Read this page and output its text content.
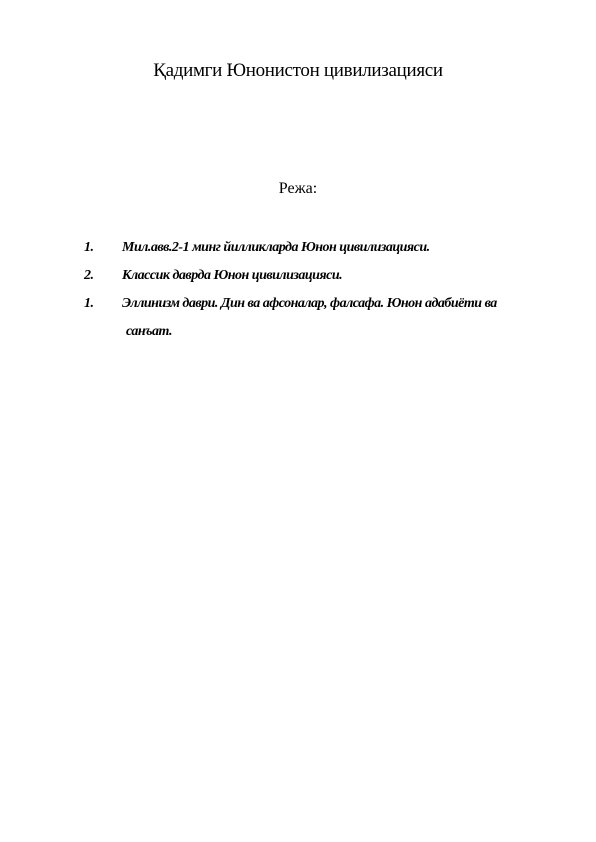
Қадимги Юнонистон цивилизацияси
Режа:
1. Мил.авв.2-1 минг йилликларда Юнон цивилизацияси.
2. Классик даврда Юнон цивилизацияси.
1. Эллинизм даври. Дин ва афсоналар, фалсафа. Юнон адабиёти ва
санъат.
